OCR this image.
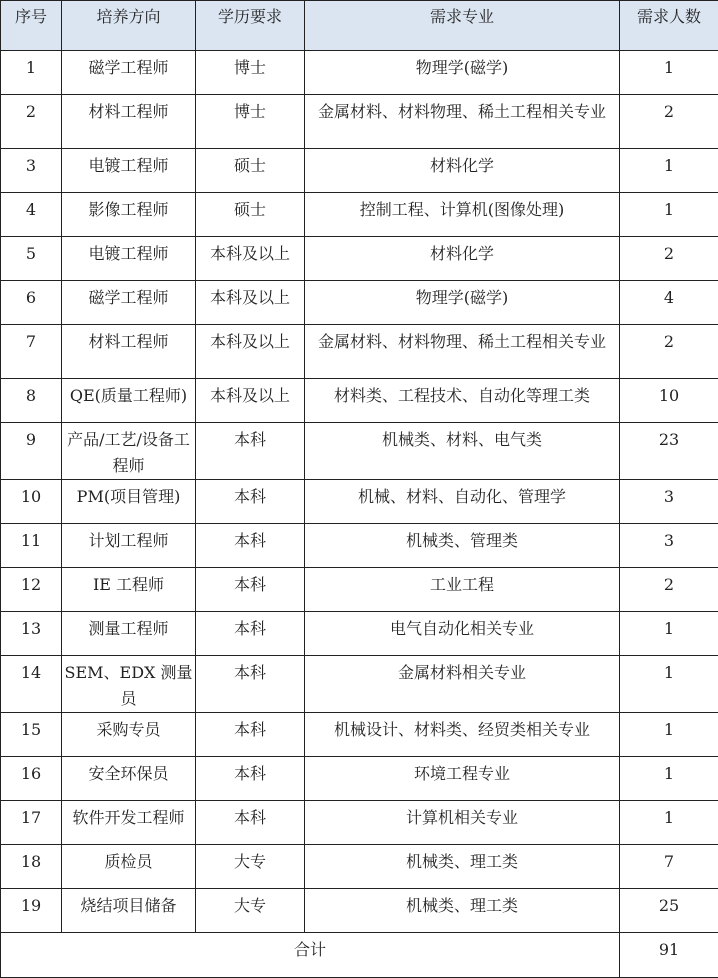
序号	培养方向	学历要求	需求专业	需求人数
1	磁学工程师	博士	物理学(磁学)	1
2	材料工程师	博士	金属材料、材料物理、稀土工程相关专业	2
3	电镀工程师	硕士	材料化学	1
4	影像工程师	硕士	控制工程、计算机(图像处理)	1
5	电镀工程师	本科及以上	材料化学	2
6	磁学工程师	本科及以上	物理学(磁学)	4
7	材料工程师	本科及以上	金属材料、材料物理、稀土工程相关专业	2
8	QE(质量工程师)	本科及以上	材料类、工程技术、自动化等理工类	10
9	产品/工艺/设备工程师	本科	机械类、材料、电气类	23
10	PM(项目管理)	本科	机械、材料、自动化、管理学	3
11	计划工程师	本科	机械类、管理类	3
12	IE 工程师	本科	工业工程	2
13	测量工程师	本科	电气自动化相关专业	1
14	SEM、EDX 测量员	本科	金属材料相关专业	1
15	采购专员	本科	机械设计、材料类、经贸类相关专业	1
16	安全环保员	本科	环境工程专业	1
17	软件开发工程师	本科	计算机相关专业	1
18	质检员	大专	机械类、理工类	7
19	烧结项目储备	大专	机械类、理工类	25
合计				91
